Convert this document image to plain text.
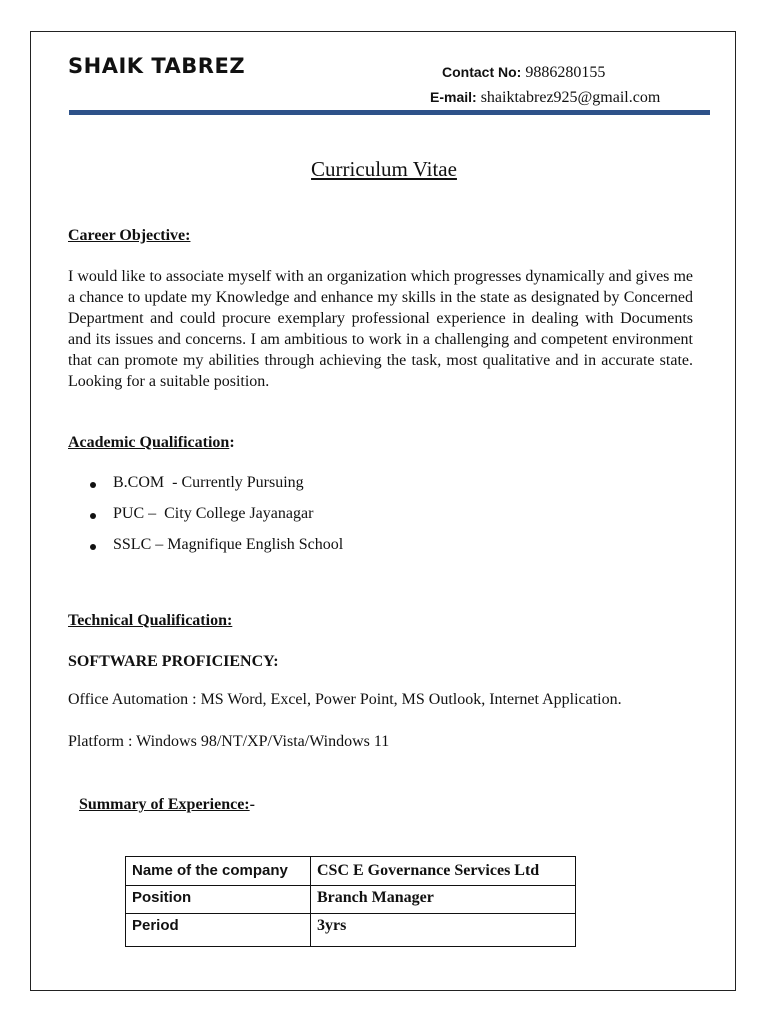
SHAIK TABREZ	Contact No: 9886280155
E-mail: shaiktabrez925@gmail.com
Curriculum Vitae
Career Objective:

I would like to associate myself with an organization which progresses dynamically and gives me a chance to update my Knowledge and enhance my skills in the state as designated by Concerned Department and could procure exemplary professional experience in dealing with Documents and its issues and concerns. I am ambitious to work in a challenging and competent environment that can promote my abilities through achieving the task, most qualitative and in accurate state. Looking for a suitable position.

Academic Qualification:
B.COM  - Currently Pursuing
PUC –  City College Jayanagar
SSLC – Magnifique English School
Technical Qualification:
SOFTWARE PROFICIENCY:
Office Automation : MS Word, Excel, Power Point, MS Outlook, Internet Application.
Platform : Windows 98/NT/XP/Vista/Windows 11
Summary of Experience:-
Name of the company	CSC E Governance Services Ltd
Position	Branch Manager
Period	3yrs
